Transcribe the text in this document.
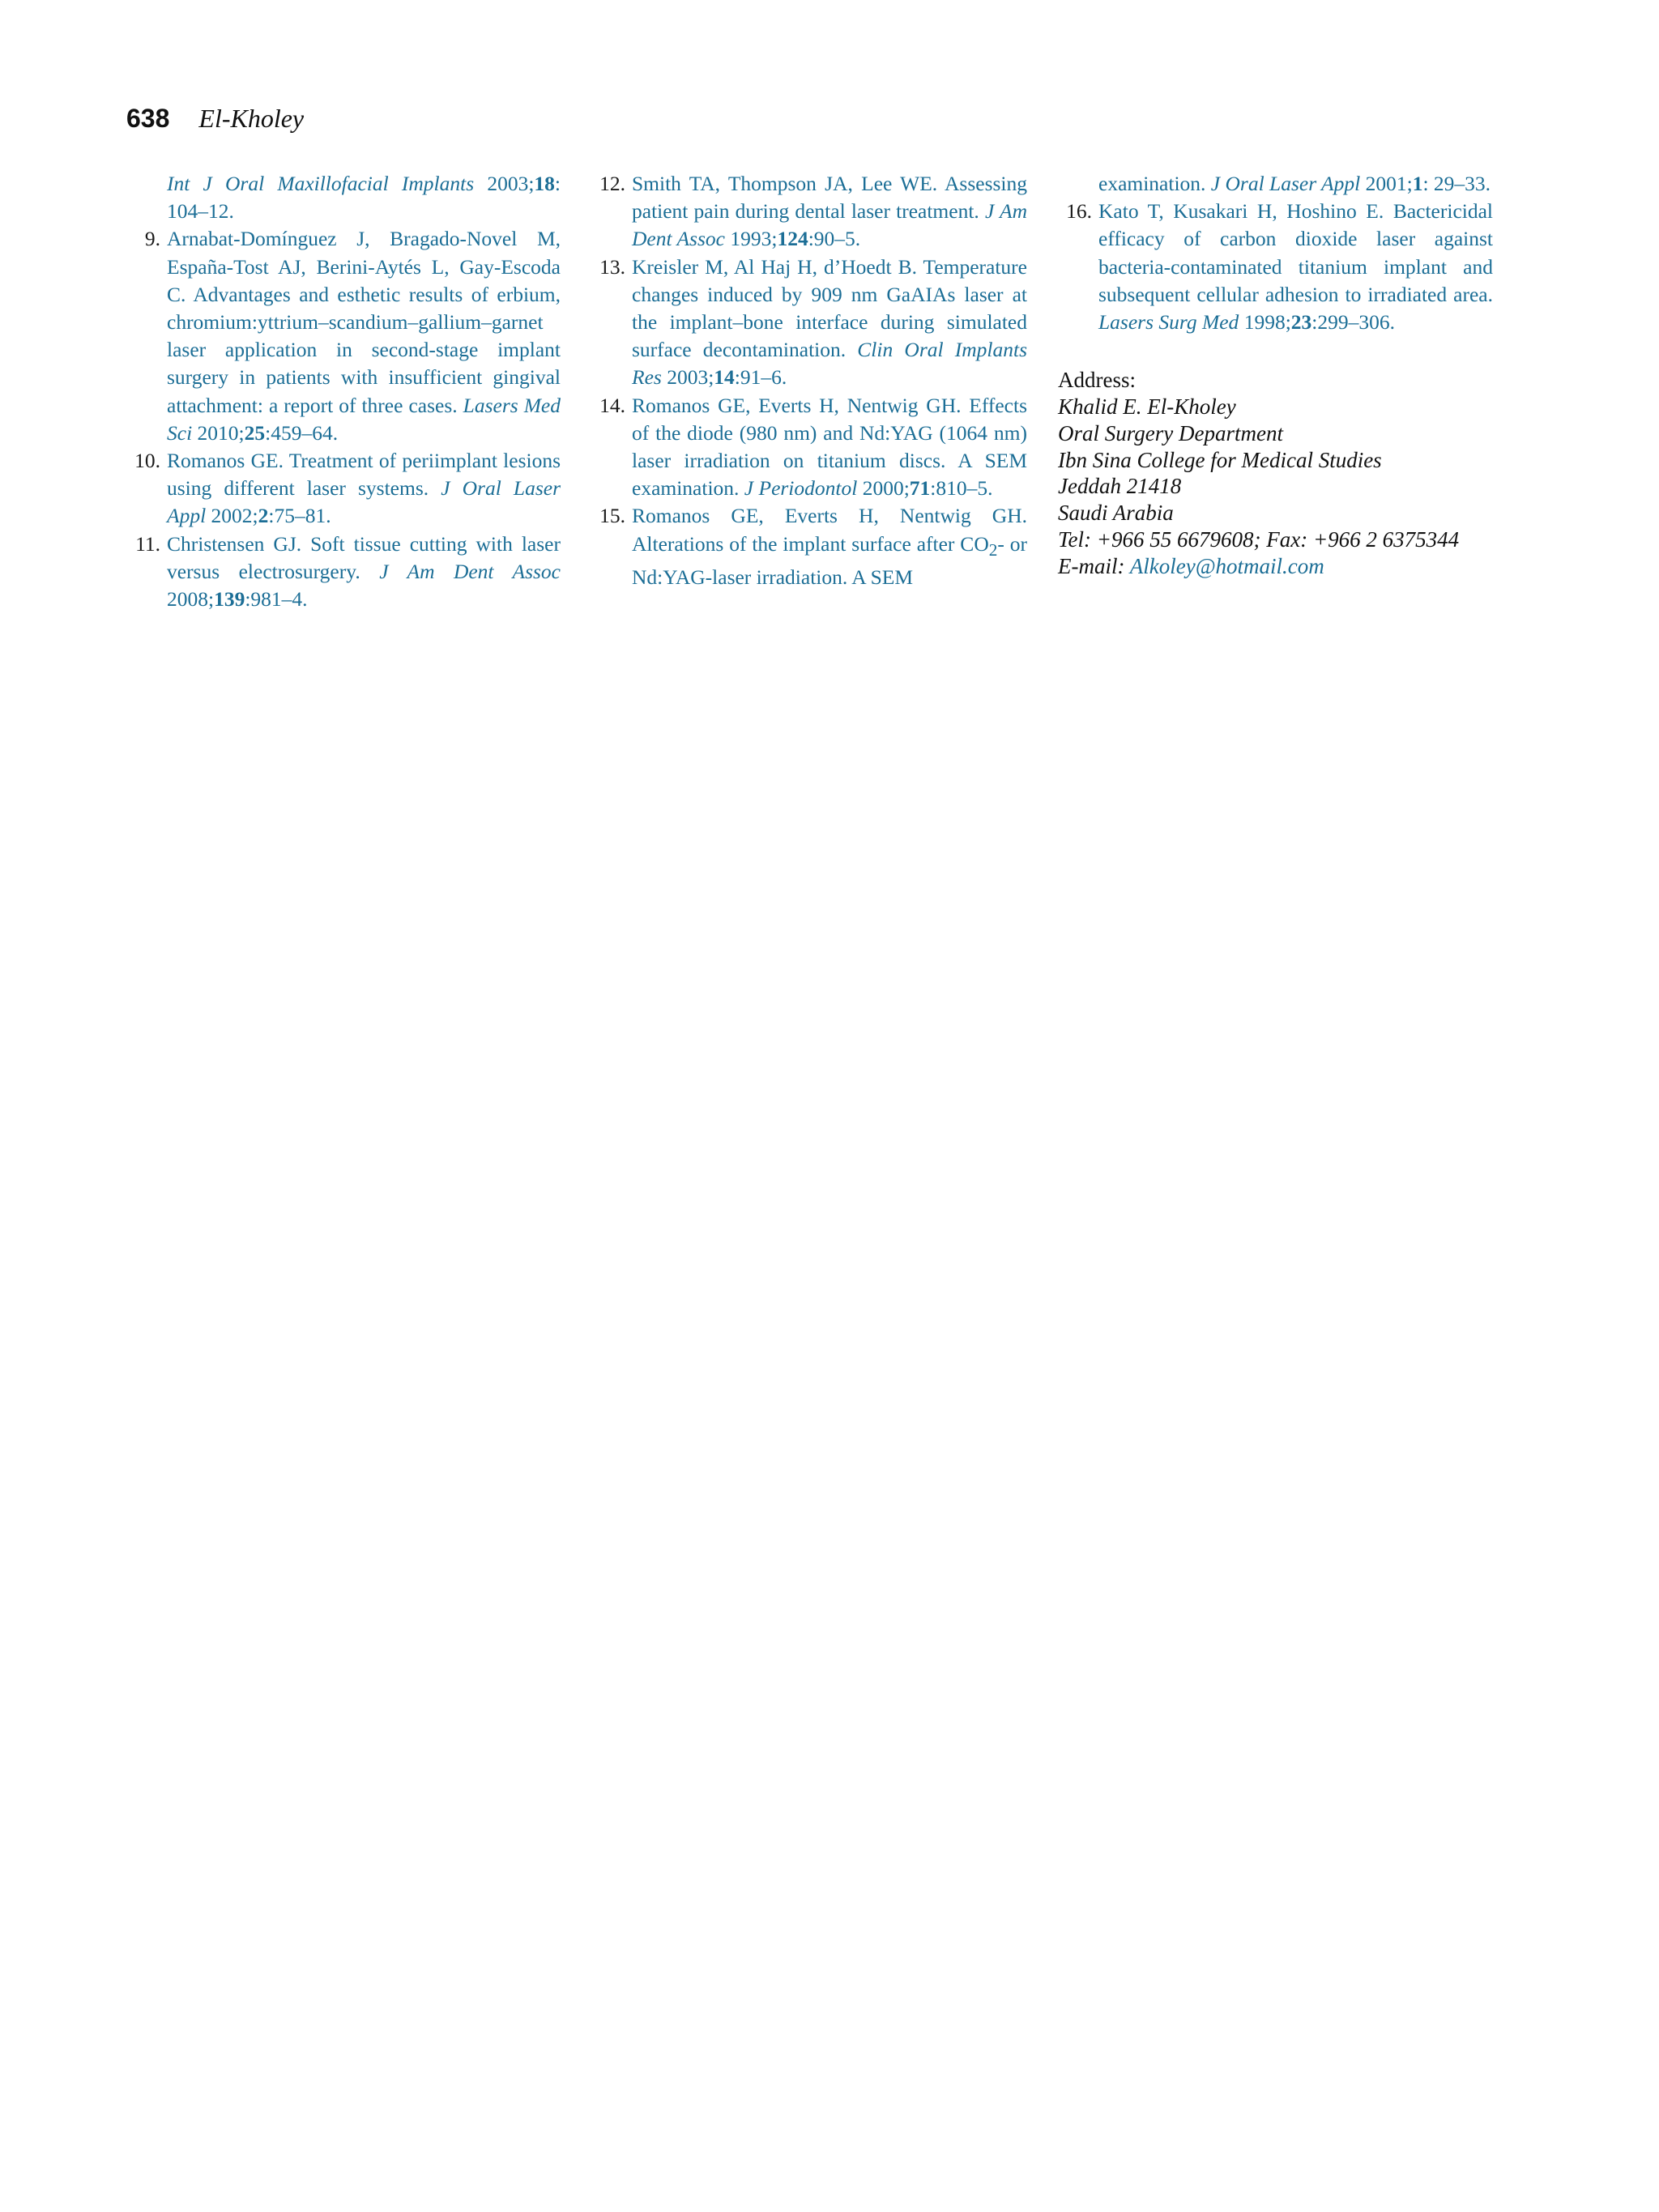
638 El-Kholey
Int J Oral Maxillofacial Implants 2003;18: 104–12.
9. Arnabat-Domínguez J, Bragado-Novel M, España-Tost AJ, Berini-Aytés L, Gay-Escoda C. Advantages and esthetic results of erbium, chromium:yttrium–scandium–gallium–garnet laser application in second-stage implant surgery in patients with insufficient gingival attachment: a report of three cases. Lasers Med Sci 2010;25:459–64.
10. Romanos GE. Treatment of periimplant lesions using different laser systems. J Oral Laser Appl 2002;2:75–81.
11. Christensen GJ. Soft tissue cutting with laser versus electrosurgery. J Am Dent Assoc 2008;139:981–4.
12. Smith TA, Thompson JA, Lee WE. Assessing patient pain during dental laser treatment. J Am Dent Assoc 1993;124:90–5.
13. Kreisler M, Al Haj H, d’Hoedt B. Temperature changes induced by 909 nm GaAIAs laser at the implant–bone interface during simulated surface decontamination. Clin Oral Implants Res 2003;14:91–6.
14. Romanos GE, Everts H, Nentwig GH. Effects of the diode (980 nm) and Nd:YAG (1064 nm) laser irradiation on titanium discs. A SEM examination. J Periodontol 2000;71:810–5.
15. Romanos GE, Everts H, Nentwig GH. Alterations of the implant surface after $CO_2-$ or Nd:YAG-laser irradiation. A SEM
examination. J Oral Laser Appl 2001;1: 29–33.
16. Kato T, Kusakari H, Hoshino E. Bactericidal efficacy of carbon dioxide laser against bacteria-contaminated titanium implant and subsequent cellular adhesion to irradiated area. Lasers Surg Med 1998;23:299–306.
Address:
Khalid E. El-Kholey
Oral Surgery Department
Ibn Sina College for Medical Studies
Jeddah 21418
Saudi Arabia
Tel: +966 55 6679608; Fax: +966 2 6375344
E-mail: Alkoley@hotmail.com
